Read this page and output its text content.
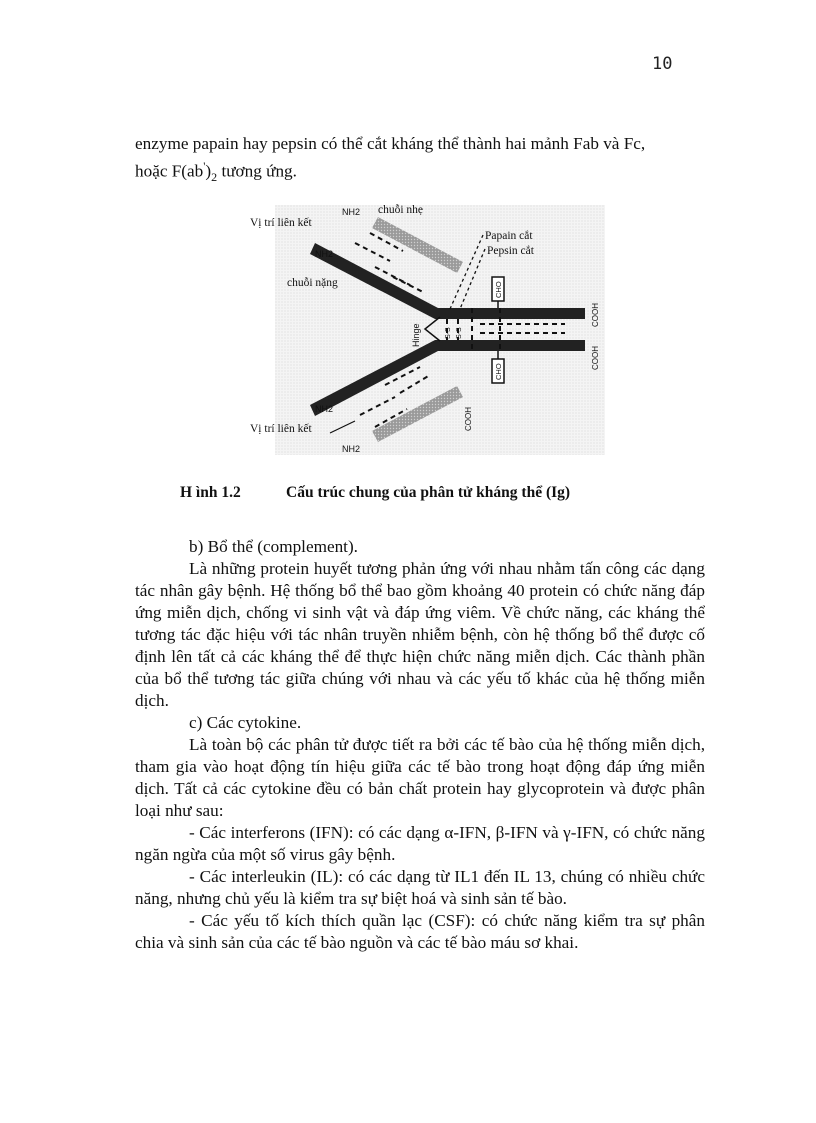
10

enzyme papain hay pepsin có thể cắt kháng thể thành hai mảnh Fab và Fc,

hoặc $F(ab')_2$ tương ứng.

Vị trí liên kết
chuỗi nhẹ
chuỗi nặng
Papain cắt
Pepsin cắt
Vị trí liên kết
NH2
NH2
NH2
NH2
Hinge	S-S S-S
CHO
CHO
COOH
COOH
COOH
H ình 1.2	Cấu trúc chung của phân tử kháng thể (Ig)

b) Bổ thể (complement).

Là những protein huyết tương phản ứng với nhau nhằm tấn công các dạng tác nhân gây bệnh. Hệ thống bổ thể bao gồm khoảng 40 protein có chức năng đáp ứng miễn dịch, chống vi sinh vật và đáp ứng viêm. Về chức năng, các kháng thể tương tác đặc hiệu với tác nhân truyền nhiễm bệnh, còn hệ thống bổ thể được cố định lên tất cả các kháng thể để thực hiện chức năng miễn dịch. Các thành phần của bổ thể tương tác giữa chúng với nhau và các yếu tố khác của hệ thống miễn dịch.

c) Các cytokine.

Là toàn bộ các phân tử được tiết ra bởi các tế bào của hệ thống miễn dịch, tham gia vào hoạt động tín hiệu giữa các tế bào trong hoạt động đáp ứng miễn dịch. Tất cả các cytokine đều có bản chất protein hay glycoprotein và được phân loại như sau:

- Các interferons (IFN): có các dạng α-IFN, β-IFN và γ-IFN, có chức năng ngăn ngừa của một số virus gây bệnh.

- Các interleukin (IL): có các dạng từ IL1 đến IL 13, chúng có nhiều chức năng, nhưng chủ yếu là kiểm tra sự biệt hoá và sinh sản tế bào.

- Các yếu tố kích thích quần lạc (CSF): có chức năng kiểm tra sự phân chia và sinh sản của các tế bào nguồn và các tế bào máu sơ khai.
